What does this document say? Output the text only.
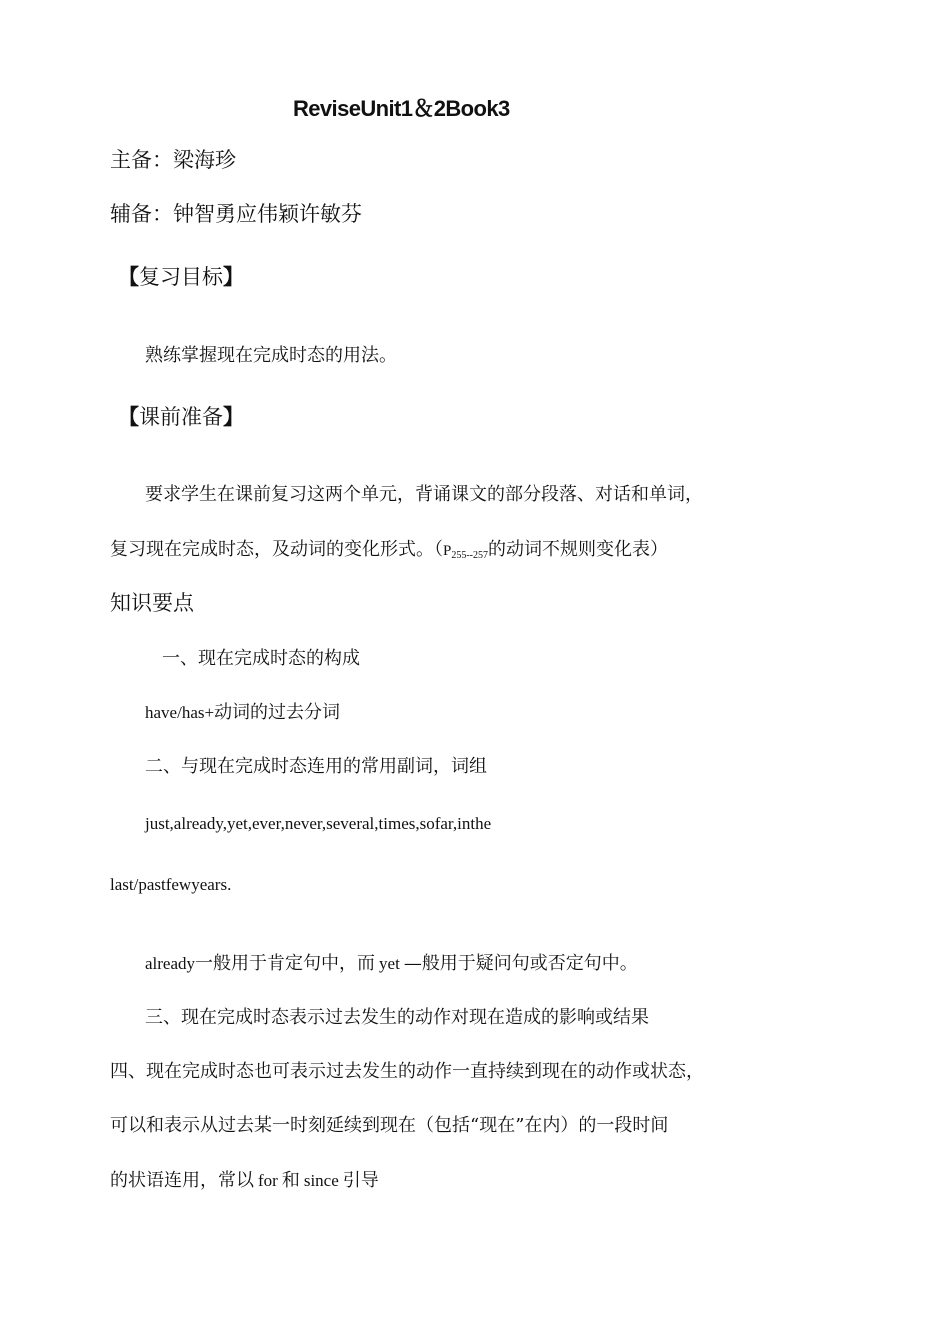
ReviseUnit1＆2Book3
主备：梁海珍
辅备：钟智勇应伟颖许敏芬
【复习目标】
熟练掌握现在完成时态的用法。
【课前准备】
要求学生在课前复习这两个单元，背诵课文的部分段落、对话和单词，
复习现在完成时态，及动词的变化形式。（$P_{255--257}$的动词不规则变化表）
知识要点
一、现在完成时态的构成
have/has+动词的过去分词
二、与现在完成时态连用的常用副词，词组
just,already,yet,ever,never,several,times,sofar,inthe
last/pastfewyears.
already一般用于肯定句中，而 yet —般用于疑问句或否定句中。
三、现在完成时态表示过去发生的动作对现在造成的影响或结果
四、现在完成时态也可表示过去发生的动作一直持续到现在的动作或状态，
可以和表示从过去某一时刻延续到现在（包括“现在”在内）的一段时间
的状语连用，常以 for 和 since 引导
